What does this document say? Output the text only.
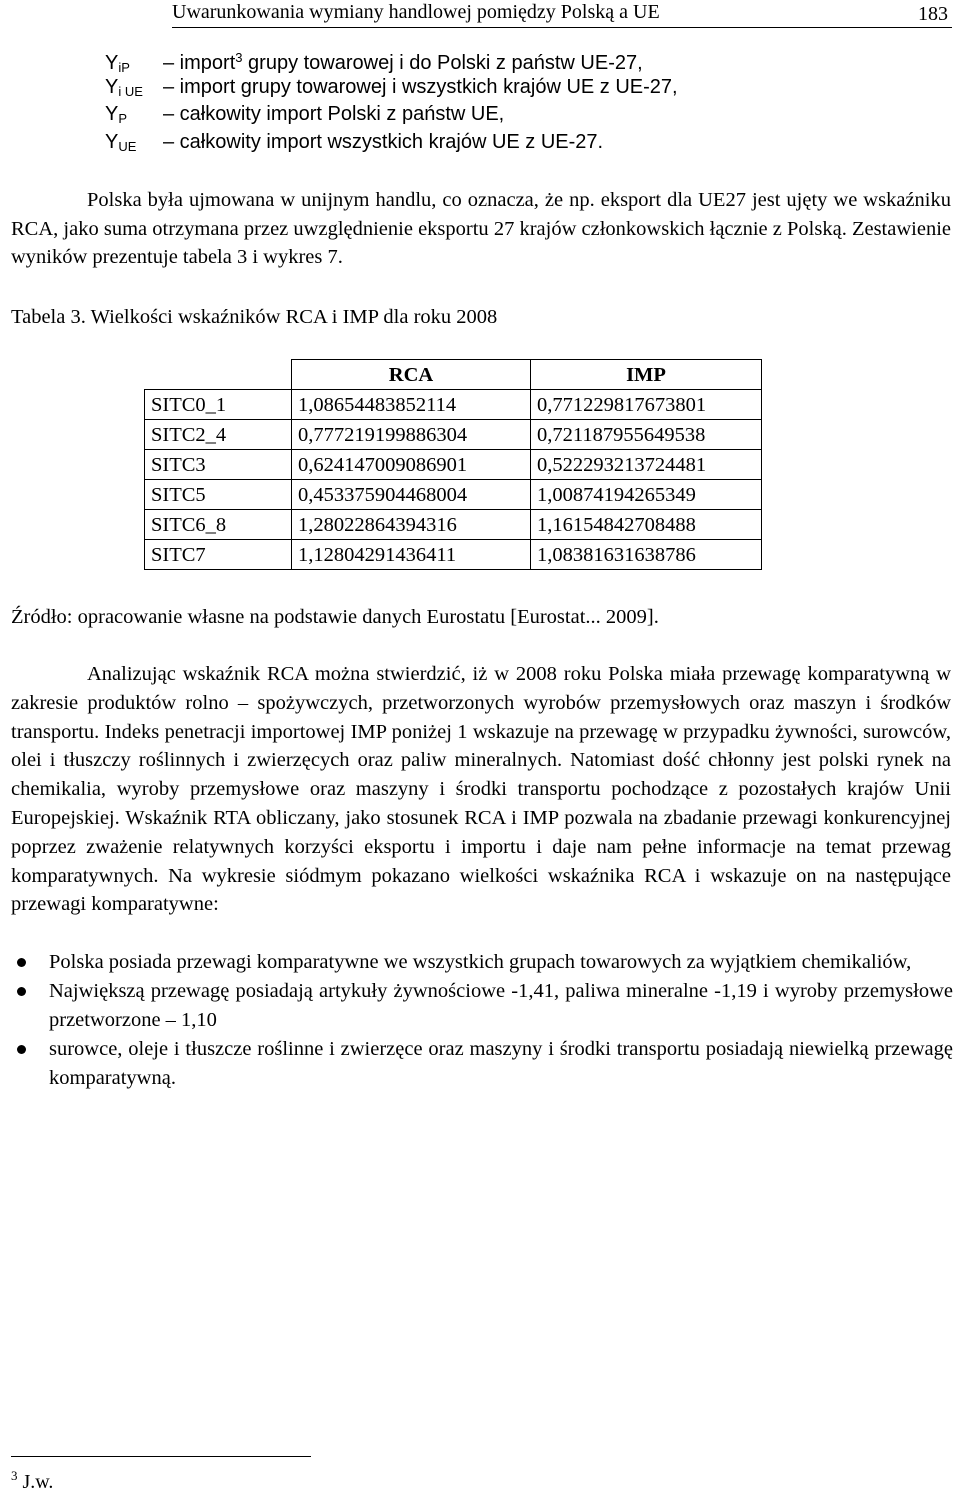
Uwarunkowania wymiany handlowej pomiędzy Polską a UE	183
$Y_{iP}$ – import$^3$ grupy towarowej i do Polski z państw UE-27,
$Y_{i UE}$ – import grupy towarowej i wszystkich krajów UE z UE-27,
$Y_P$ – całkowity import Polski z państw UE,
$Y_{UE}$ – całkowity import wszystkich krajów UE z UE-27.
Polska była ujmowana w unijnym handlu, co oznacza, że np. eksport dla UE27 jest ujęty we wskaźniku RCA, jako suma otrzymana przez uwzględnienie eksportu 27 krajów członkowskich łącznie z Polską. Zestawienie wyników prezentuje tabela 3 i wykres 7.
Tabela 3. Wielkości wskaźników RCA i IMP dla roku 2008
	RCA	IMP
SITC0_1	1,08654483852114	0,771229817673801
SITC2_4	0,777219199886304	0,721187955649538
SITC3	0,624147009086901	0,522293213724481
SITC5	0,453375904468004	1,00874194265349
SITC6_8	1,28022864394316	1,16154842708488
SITC7	1,12804291436411	1,08381631638786
Źródło: opracowanie własne na podstawie danych Eurostatu [Eurostat... 2009].
Analizując wskaźnik RCA można stwierdzić, iż w 2008 roku Polska miała przewagę komparatywną w zakresie produktów rolno – spożywczych, przetworzonych wyrobów przemysłowych oraz maszyn i środków transportu. Indeks penetracji importowej IMP poniżej 1 wskazuje na przewagę w przypadku żywności, surowców, olei i tłuszczy roślinnych i zwierzęcych oraz paliw mineralnych. Natomiast dość chłonny jest polski rynek na chemikalia, wyroby przemysłowe oraz maszyny i środki transportu pochodzące z pozostałych krajów Unii Europejskiej. Wskaźnik RTA obliczany, jako stosunek RCA i IMP pozwala na zbadanie przewagi konkurencyjnej poprzez zważenie relatywnych korzyści eksportu i importu i daje nam pełne informacje na temat przewag komparatywnych. Na wykresie siódmym pokazano wielkości wskaźnika RCA i wskazuje on na następujące przewagi komparatywne:
Polska posiada przewagi komparatywne we wszystkich grupach towarowych za wyjątkiem chemikaliów,
Największą przewagę posiadają artykuły żywnościowe -1,41, paliwa mineralne -1,19 i wyroby przemysłowe przetworzone – 1,10
surowce, oleje i tłuszcze roślinne i zwierzęce oraz maszyny i środki transportu posiadają niewielką przewagę komparatywną.
$^3$ J.w.
